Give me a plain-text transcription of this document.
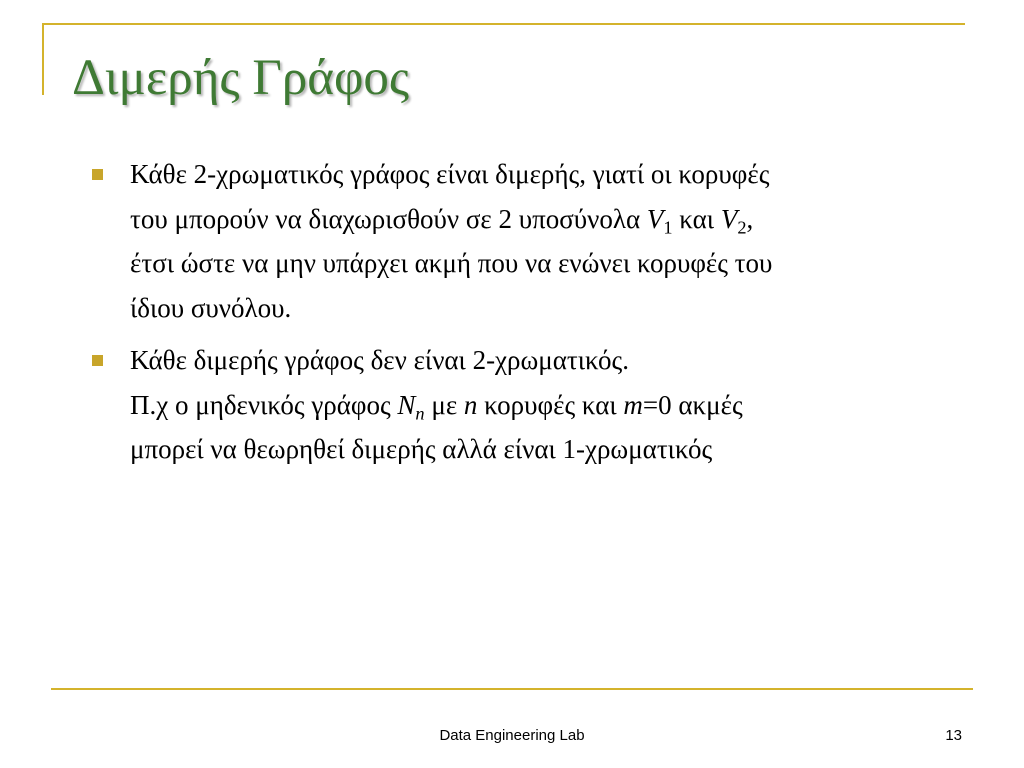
Διμερής Γράφος
Κάθε 2-χρωματικός γράφος είναι διμερής, γιατί οι κορυφές
του μπορούν να διαχωρισθούν σε 2 υποσύνολα $V_1$ και $V_2$,
έτσι ώστε να μην υπάρχει ακμή που να ενώνει κορυφές του
ίδιου συνόλου.
Κάθε διμερής γράφος δεν είναι 2-χρωματικός.
Π.χ ο μηδενικός γράφος $N_n$ με n κορυφές και m=0 ακμές
μπορεί να θεωρηθεί διμερής αλλά είναι 1-χρωματικός
Data Engineering Lab	13
